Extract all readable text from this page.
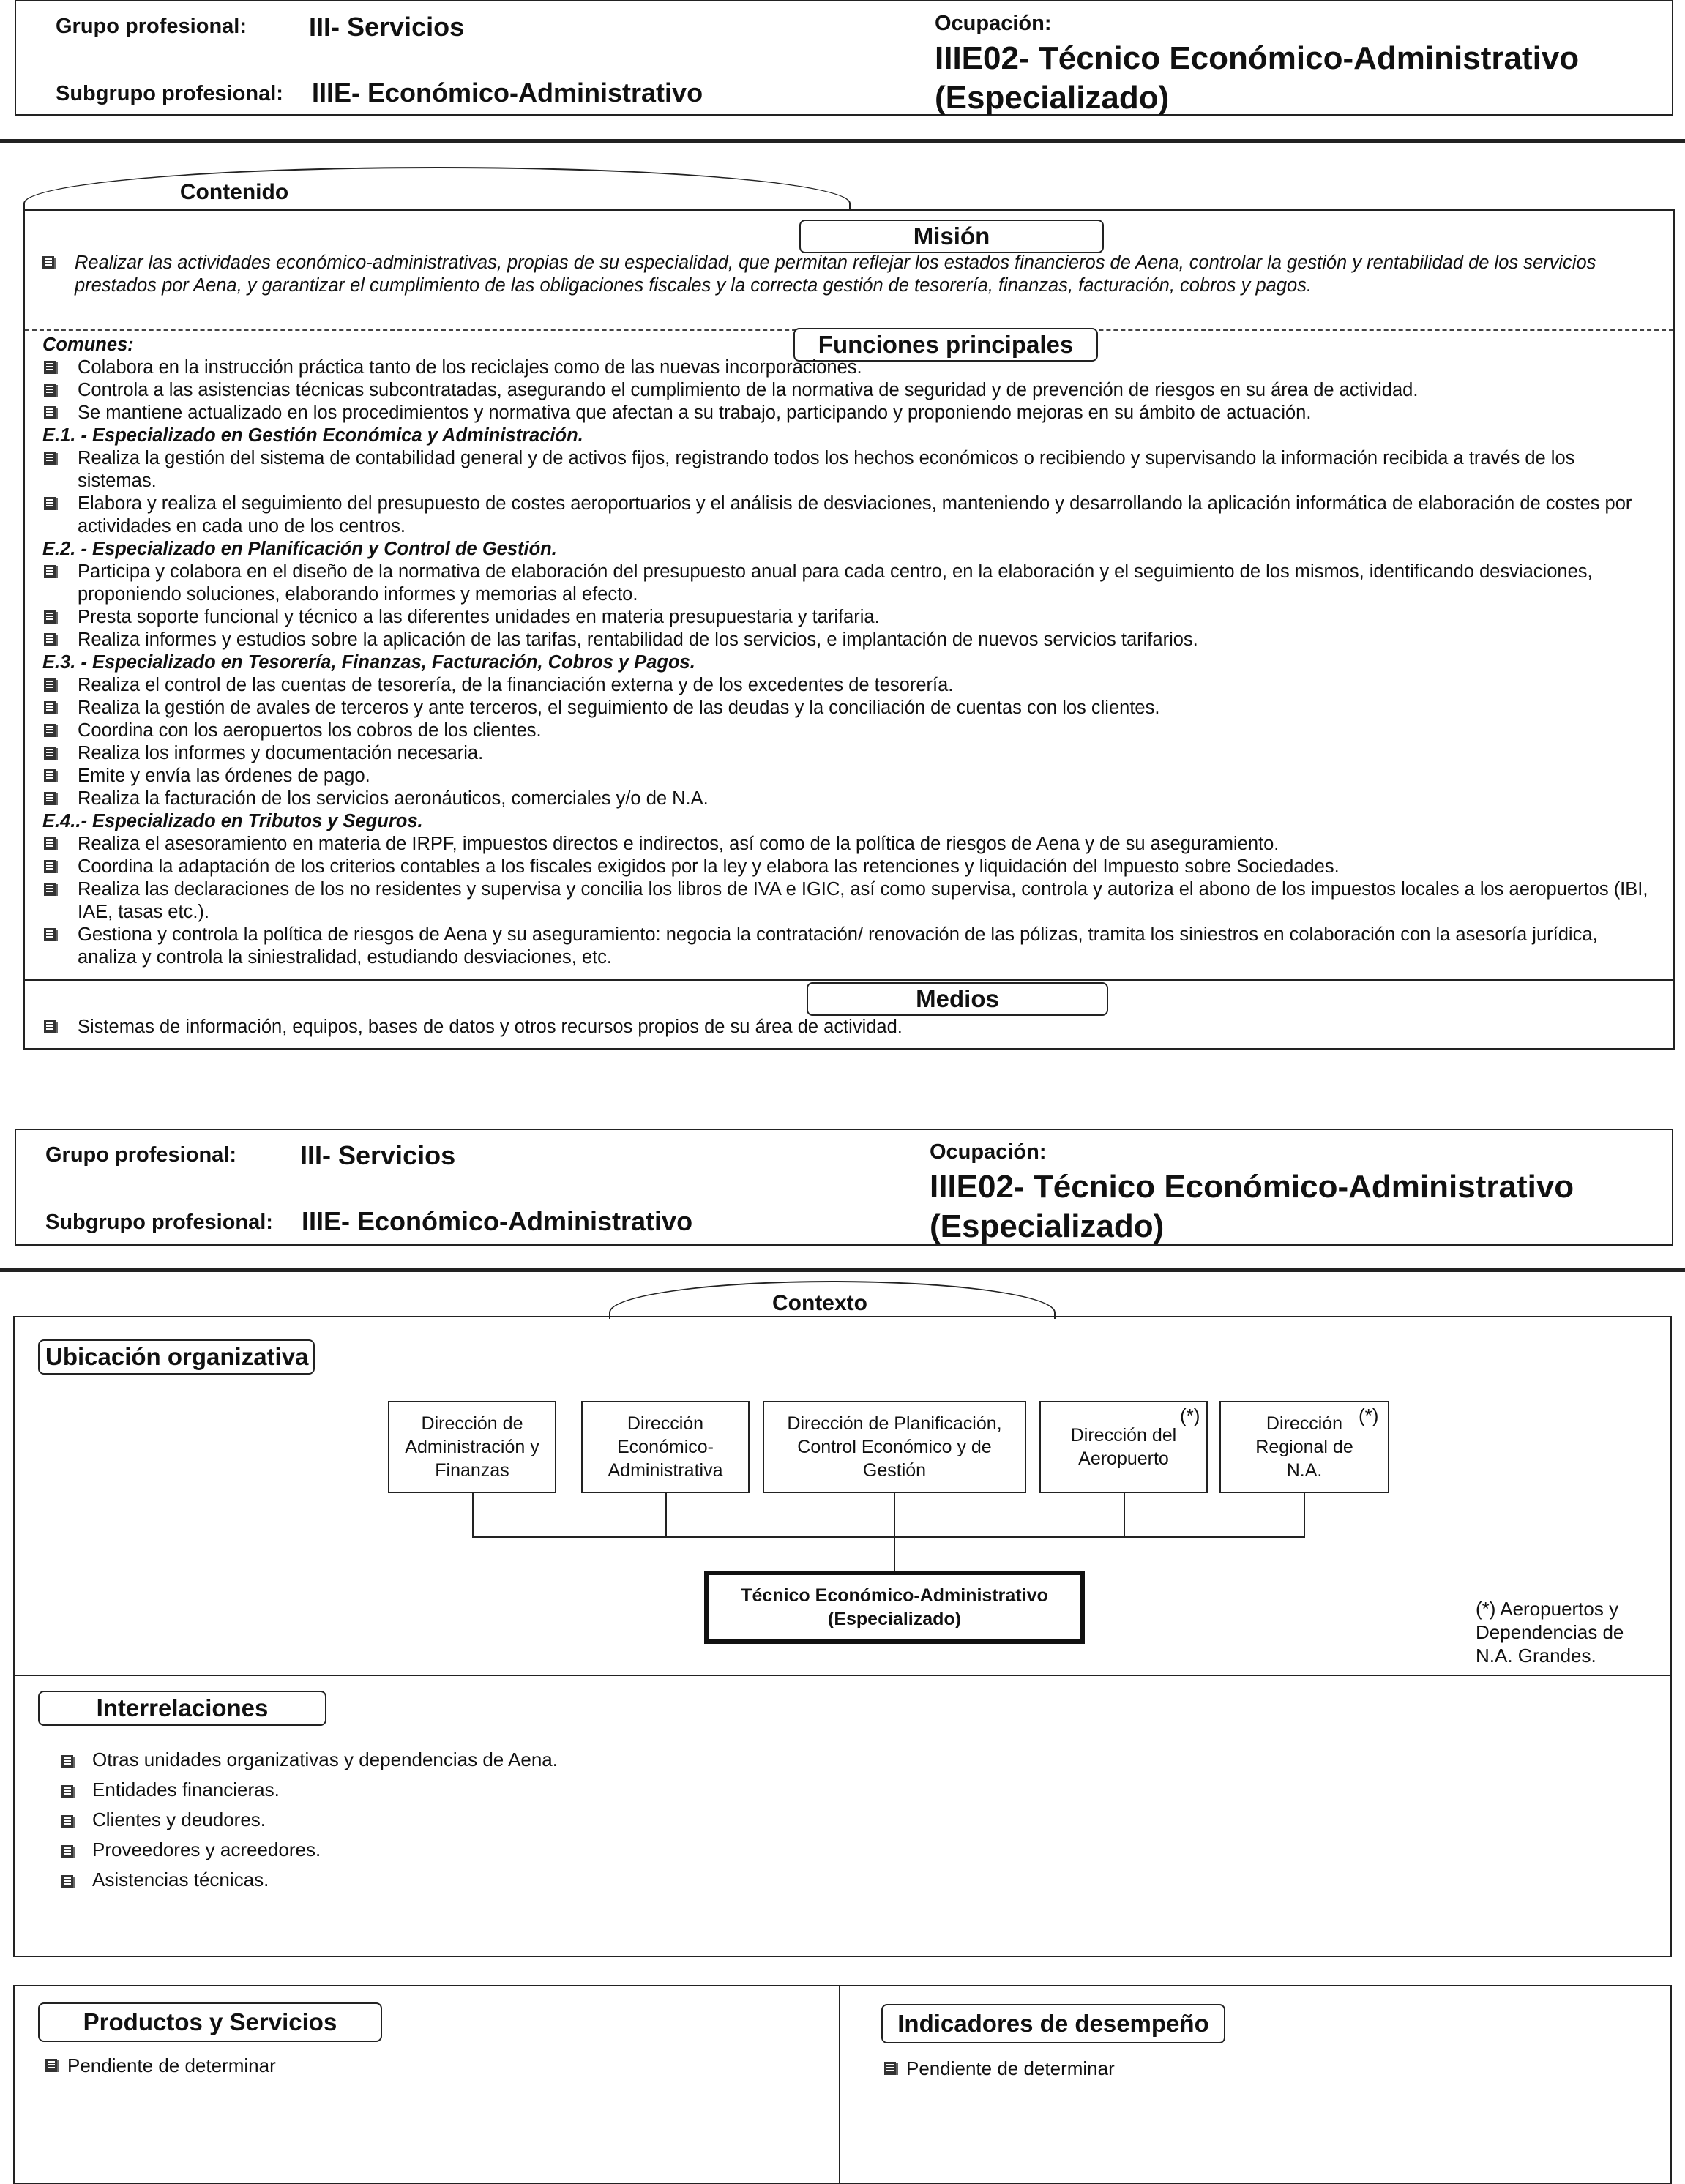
Grupo profesional: III- Servicios
Subgrupo profesional: IIIE- Económico-Administrativo
Ocupación:
IIIE02- Técnico Económico-Administrativo
(Especializado)
Contenido
Misión
Realizar las actividades económico-administrativas, propias de su especialidad, que permitan reflejar los estados financieros de Aena, controlar la gestión y rentabilidad de los servicios prestados por Aena, y garantizar el cumplimiento de las obligaciones fiscales y la correcta gestión de tesorería, finanzas, facturación, cobros y pagos.
Funciones principales
Comunes:
Colabora en la instrucción práctica tanto de los reciclajes como de las nuevas incorporaciones.
Controla a las asistencias técnicas subcontratadas, asegurando el cumplimiento de la normativa de seguridad y de prevención de riesgos en su área de actividad.
Se mantiene actualizado en los procedimientos y normativa que afectan a su trabajo, participando y proponiendo mejoras en su ámbito de actuación.
E.1. - Especializado en Gestión Económica y Administración.
Realiza la gestión del sistema de contabilidad general y de activos fijos, registrando todos los hechos económicos o recibiendo y supervisando la información recibida a través de los sistemas.
Elabora y realiza el seguimiento del presupuesto de costes aeroportuarios y el análisis de desviaciones, manteniendo y desarrollando la aplicación informática de elaboración de costes por actividades en cada uno de los centros.
E.2. - Especializado en Planificación y Control de Gestión.
Participa y colabora en el diseño de la normativa de elaboración del presupuesto anual para cada centro, en la elaboración y el seguimiento de los mismos, identificando desviaciones, proponiendo soluciones, elaborando informes y memorias al efecto.
Presta soporte funcional y técnico a las diferentes unidades en materia presupuestaria y tarifaria.
Realiza informes y estudios sobre la aplicación de las tarifas, rentabilidad de los servicios, e implantación de nuevos servicios tarifarios.
E.3. - Especializado en Tesorería, Finanzas, Facturación, Cobros y Pagos.
Realiza el control de las cuentas de tesorería, de la financiación externa y de los excedentes de tesorería.
Realiza la gestión de avales de terceros y ante terceros, el seguimiento de las deudas y la conciliación de cuentas con los clientes.
Coordina con los aeropuertos los cobros de los clientes.
Realiza los informes y documentación necesaria.
Emite y envía las órdenes de pago.
Realiza la facturación de los servicios aeronáuticos, comerciales y/o de N.A.
E.4..- Especializado en Tributos y Seguros.
Realiza el asesoramiento en materia de IRPF, impuestos directos e indirectos, así como de la política de riesgos de Aena y de su aseguramiento.
Coordina la adaptación de los criterios contables a los fiscales exigidos por la ley y elabora las retenciones y liquidación del Impuesto sobre Sociedades.
Realiza las declaraciones de los no residentes y supervisa y concilia los libros de IVA e IGIC, así como supervisa, controla y autoriza el abono de los impuestos locales a los aeropuertos (IBI, IAE, tasas etc.).
Gestiona y controla la política de riesgos de Aena y su aseguramiento: negocia la contratación/ renovación de las pólizas, tramita los siniestros en colaboración con la asesoría jurídica, analiza y controla la siniestralidad, estudiando desviaciones, etc.
Medios
Sistemas de información, equipos, bases de datos y otros recursos propios de su área de actividad.
Grupo profesional: III- Servicios
Subgrupo profesional: IIIE- Económico-Administrativo
Ocupación:
IIIE02- Técnico Económico-Administrativo
(Especializado)
Contexto
Ubicación organizativa
Dirección de Administración y Finanzas
Dirección Económico-Administrativa
Dirección de Planificación, Control Económico y de Gestión
Dirección del Aeropuerto
(*)	Dirección Regional de N.A.
(*)
Técnico Económico-Administrativo (Especializado)	(*) Aeropuertos y Dependencias de N.A. Grandes.
Interrelaciones
Otras unidades organizativas y dependencias de Aena.
Entidades financieras.
Clientes y deudores.
Proveedores y acreedores.
Asistencias técnicas.
Productos y Servicios
Pendiente de determinar
Indicadores de desempeño
Pendiente de determinar
